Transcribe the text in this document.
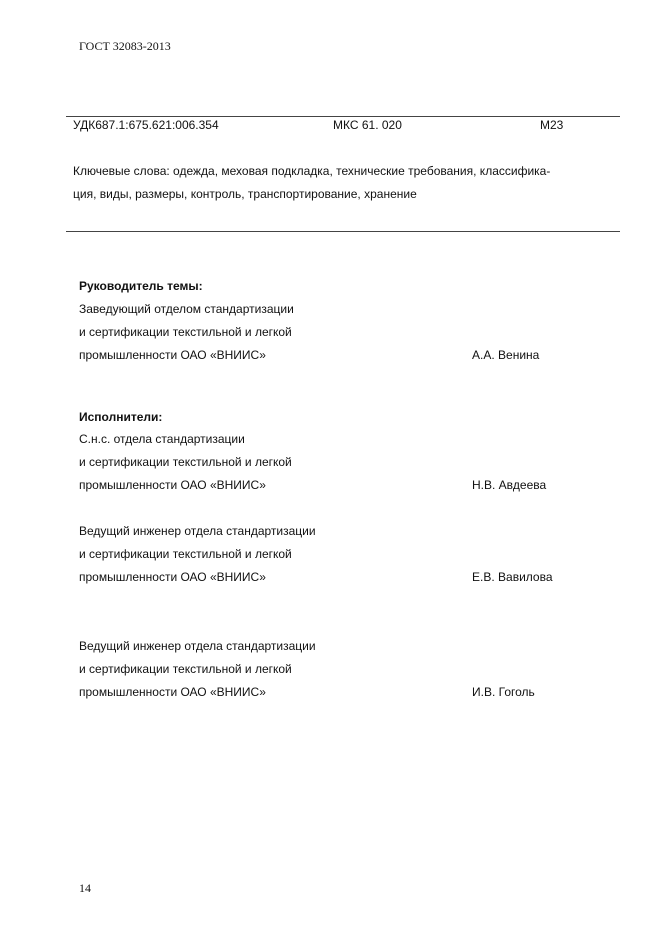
ГОСТ 32083-2013
УДК687.1:675.621:006.354	МКС 61. 020	М23
Ключевые слова: одежда, меховая подкладка, технические требования, классифика-
ция, виды, размеры, контроль, транспортирование, хранение
Руководитель темы:
Заведующий отделом стандартизации
и сертификации текстильной и легкой
промышленности ОАО «ВНИИС»	А.А. Венина
Исполнители:
С.н.с. отдела стандартизации
и сертификации текстильной и легкой
промышленности ОАО «ВНИИС»	Н.В. Авдеева
Ведущий инженер отдела стандартизации
и сертификации текстильной и легкой
промышленности ОАО «ВНИИС»	Е.В. Вавилова
Ведущий инженер отдела стандартизации
и сертификации текстильной и легкой
промышленности ОАО «ВНИИС»	И.В. Гоголь
14
